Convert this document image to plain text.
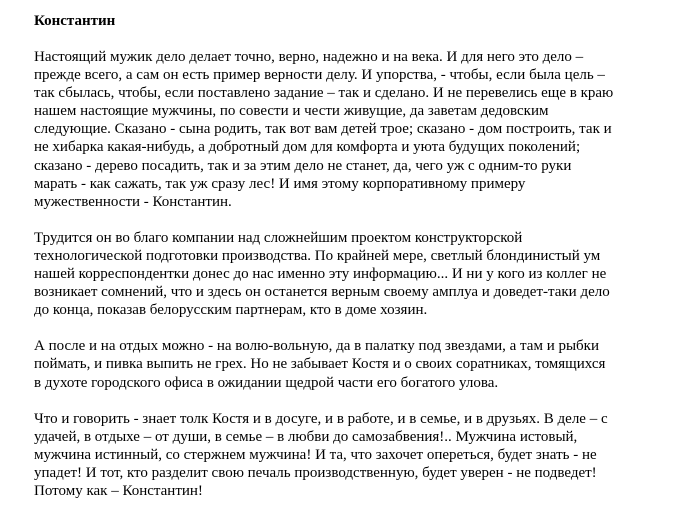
Константин

Настоящий мужик дело делает точно, верно, надежно и на века. И для него это дело –
прежде всего, а сам он есть пример верности делу. И упорства, - чтобы, если была цель –
так сбылась, чтобы, если поставлено задание – так и сделано. И не перевелись еще в краю
нашем настоящие мужчины, по совести и чести живущие, да заветам дедовским
следующие. Сказано - сына родить, так вот вам детей трое; сказано - дом построить, так и
не хибарка какая-нибудь, а добротный дом для комфорта и уюта будущих поколений;
сказано - дерево посадить, так и за этим дело не станет, да, чего уж с одним-то руки
марать - как сажать, так уж сразу лес! И имя этому корпоративному примеру
мужественности - Константин.

Трудится он во благо компании над сложнейшим проектом конструкторской
технологической подготовки производства. По крайней мере, светлый блондинистый ум
нашей корреспондентки донес до нас именно эту информацию... И ни у кого из коллег не
возникает сомнений, что и здесь он останется верным своему амплуа и доведет-таки дело
до конца, показав белорусским партнерам, кто в доме хозяин.

А после и на отдых можно - на волю-вольную, да в палатку под звездами, а там и рыбки
поймать, и пивка выпить не грех. Но не забывает Костя и о своих соратниках, томящихся
в духоте городского офиса в ожидании щедрой части его богатого улова.

Что и говорить - знает толк Костя и в досуге, и в работе, и в семье, и в друзьях. В деле – с
удачей, в отдыхе – от души, в семье – в любви до самозабвения!.. Мужчина истовый,
мужчина истинный, со стержнем мужчина! И та, что захочет опереться, будет знать - не
упадет! И тот, кто разделит свою печаль производственную, будет уверен - не подведет!
Потому как – Константин!
